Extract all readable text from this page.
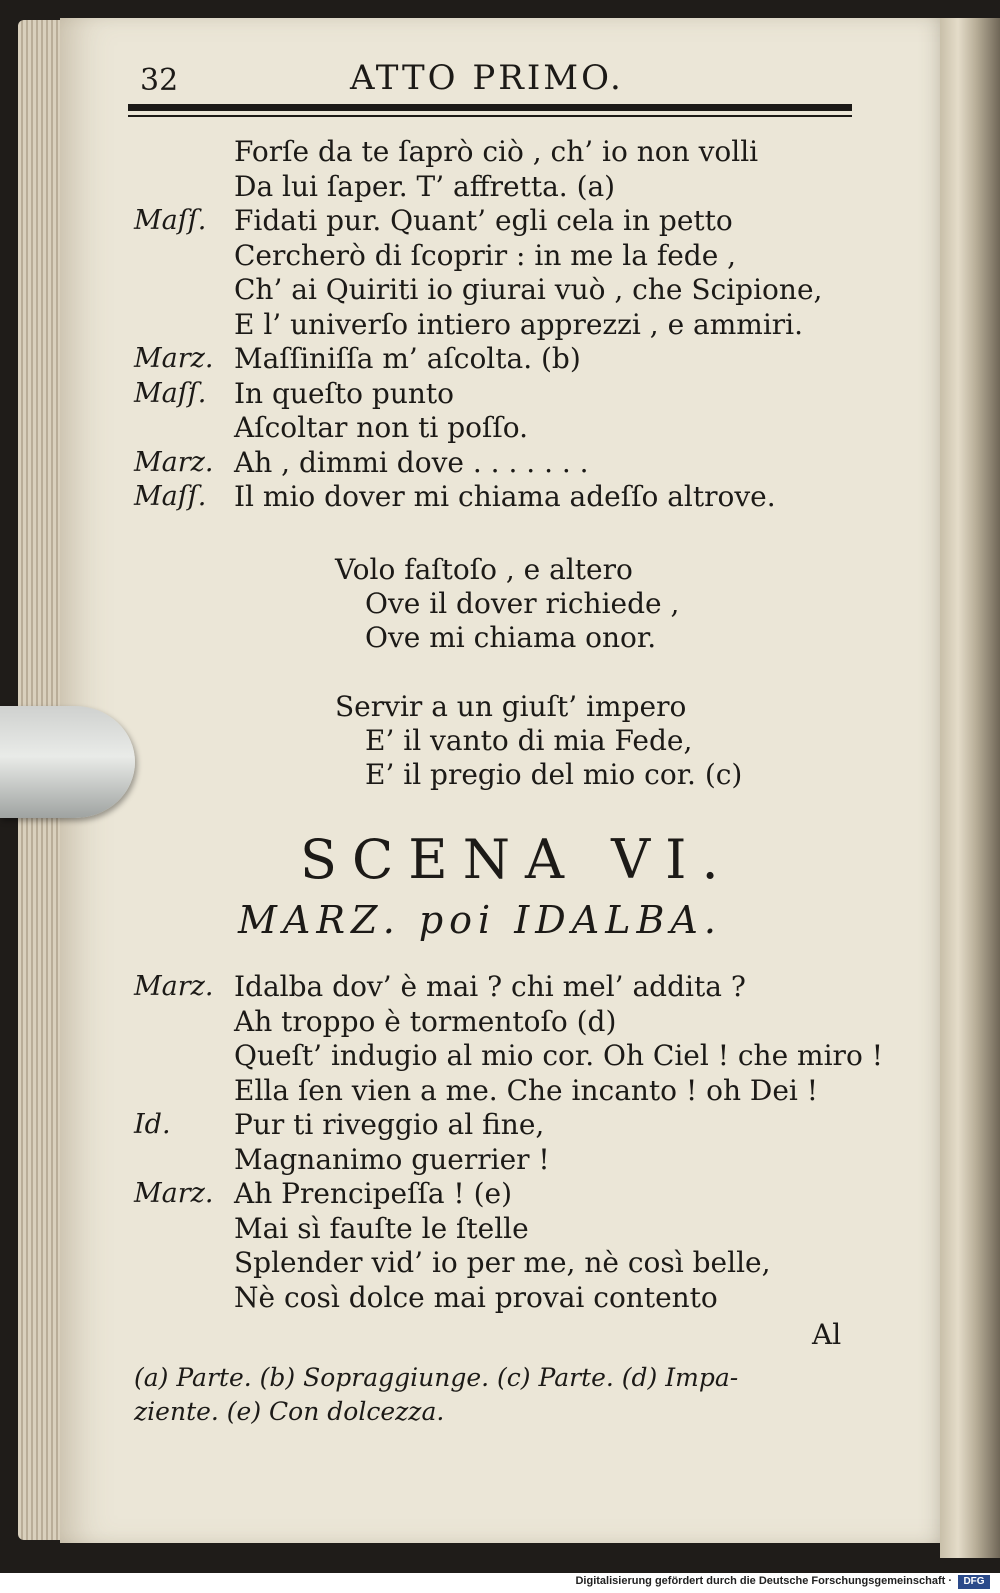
32	ATTO PRIMO.
Forſe da te ſaprò ciò , ch’ io non volli
Da lui ſaper. T’ affretta. (a)
Maſſ. Fidati pur. Quant’ egli cela in petto
Cercherò di ſcoprir : in me la fede ,
Ch’ ai Quiriti io giurai vuò , che Scipione,
E l’ univerſo intiero apprezzi , e ammiri.
Marz. Maſſiniſſa m’ aſcolta. (b)
Maſſ. In queſto punto
Aſcoltar non ti poſſo.
Marz. Ah , dimmi dove . . . . . . .
Maſſ. Il mio dover mi chiama adeſſo altrove.
Volo faſtoſo , e altero
Ove il dover richiede ,
Ove mi chiama onor.
Servir a un giuſt’ impero
E’ il vanto di mia Fede,
E’ il pregio del mio cor. (c)
SCENA VI.
MARZ. poi IDALBA.
Marz. Idalba dov’ è mai ? chi mel’ addita ?
Ah troppo è tormentoſo (d)
Queſt’ indugio al mio cor. Oh Ciel ! che miro !
Ella ſen vien a me. Che incanto ! oh Dei !
Id. Pur ti riveggio al fine,
Magnanimo guerrier !
Marz. Ah Prencipeſſa ! (e)
Mai sì fauſte le ſtelle
Splender vid’ io per me, nè così belle,
Nè così dolce mai provai contento
Al
(a) Parte. (b) Sopraggiunge. (c) Parte. (d) Impa-
ziente. (e) Con dolcezza.
Digitalisierung gefördert durch die Deutsche Forschungsgemeinschaft ·	DFG
